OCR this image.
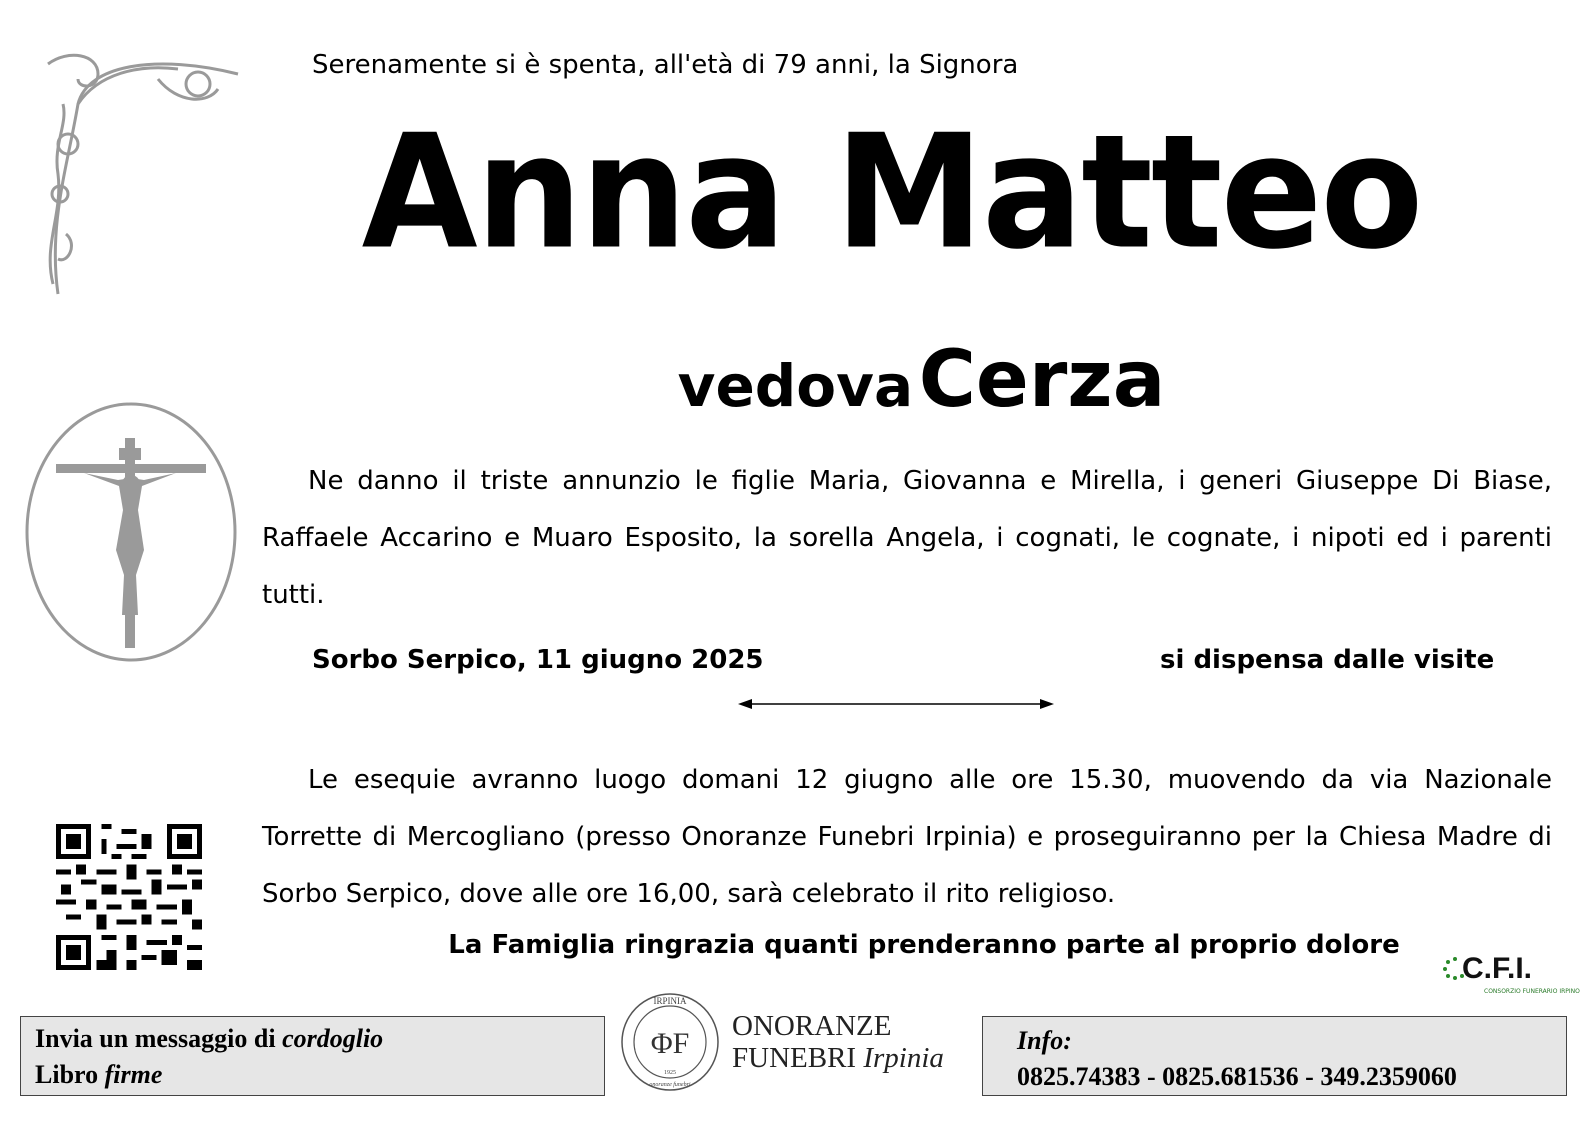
Serenamente si è spenta, all'età di 79 anni, la Signora
Anna Matteo
vedova Cerza
Ne danno il triste annunzio le figlie Maria, Giovanna e Mirella, i generi Giuseppe Di Biase, Raffaele Accarino e Muaro Esposito, la sorella Angela, i cognati, le cognate, i nipoti ed i parenti tutti.
Sorbo Serpico, 11 giugno 2025	si dispensa dalle visite
Le esequie avranno luogo domani 12 giugno alle ore 15.30, muovendo da via Nazionale Torrette di Mercogliano (presso Onoranze Funebri Irpinia) e proseguiranno per la Chiesa Madre di Sorbo Serpico, dove alle ore 16,00, sarà celebrato il rito religioso.
La Famiglia ringrazia quanti prenderanno parte al proprio dolore
C.F.I.
CONSORZIO FUNERARIO IRPINO
Invia un messaggio di cordoglio
Libro firme
IRPINIA
ΦF
1925
onoranze funebri
ONORANZE
FUNEBRI Irpinia
Info:
0825.74383 - 0825.681536 - 349.2359060
